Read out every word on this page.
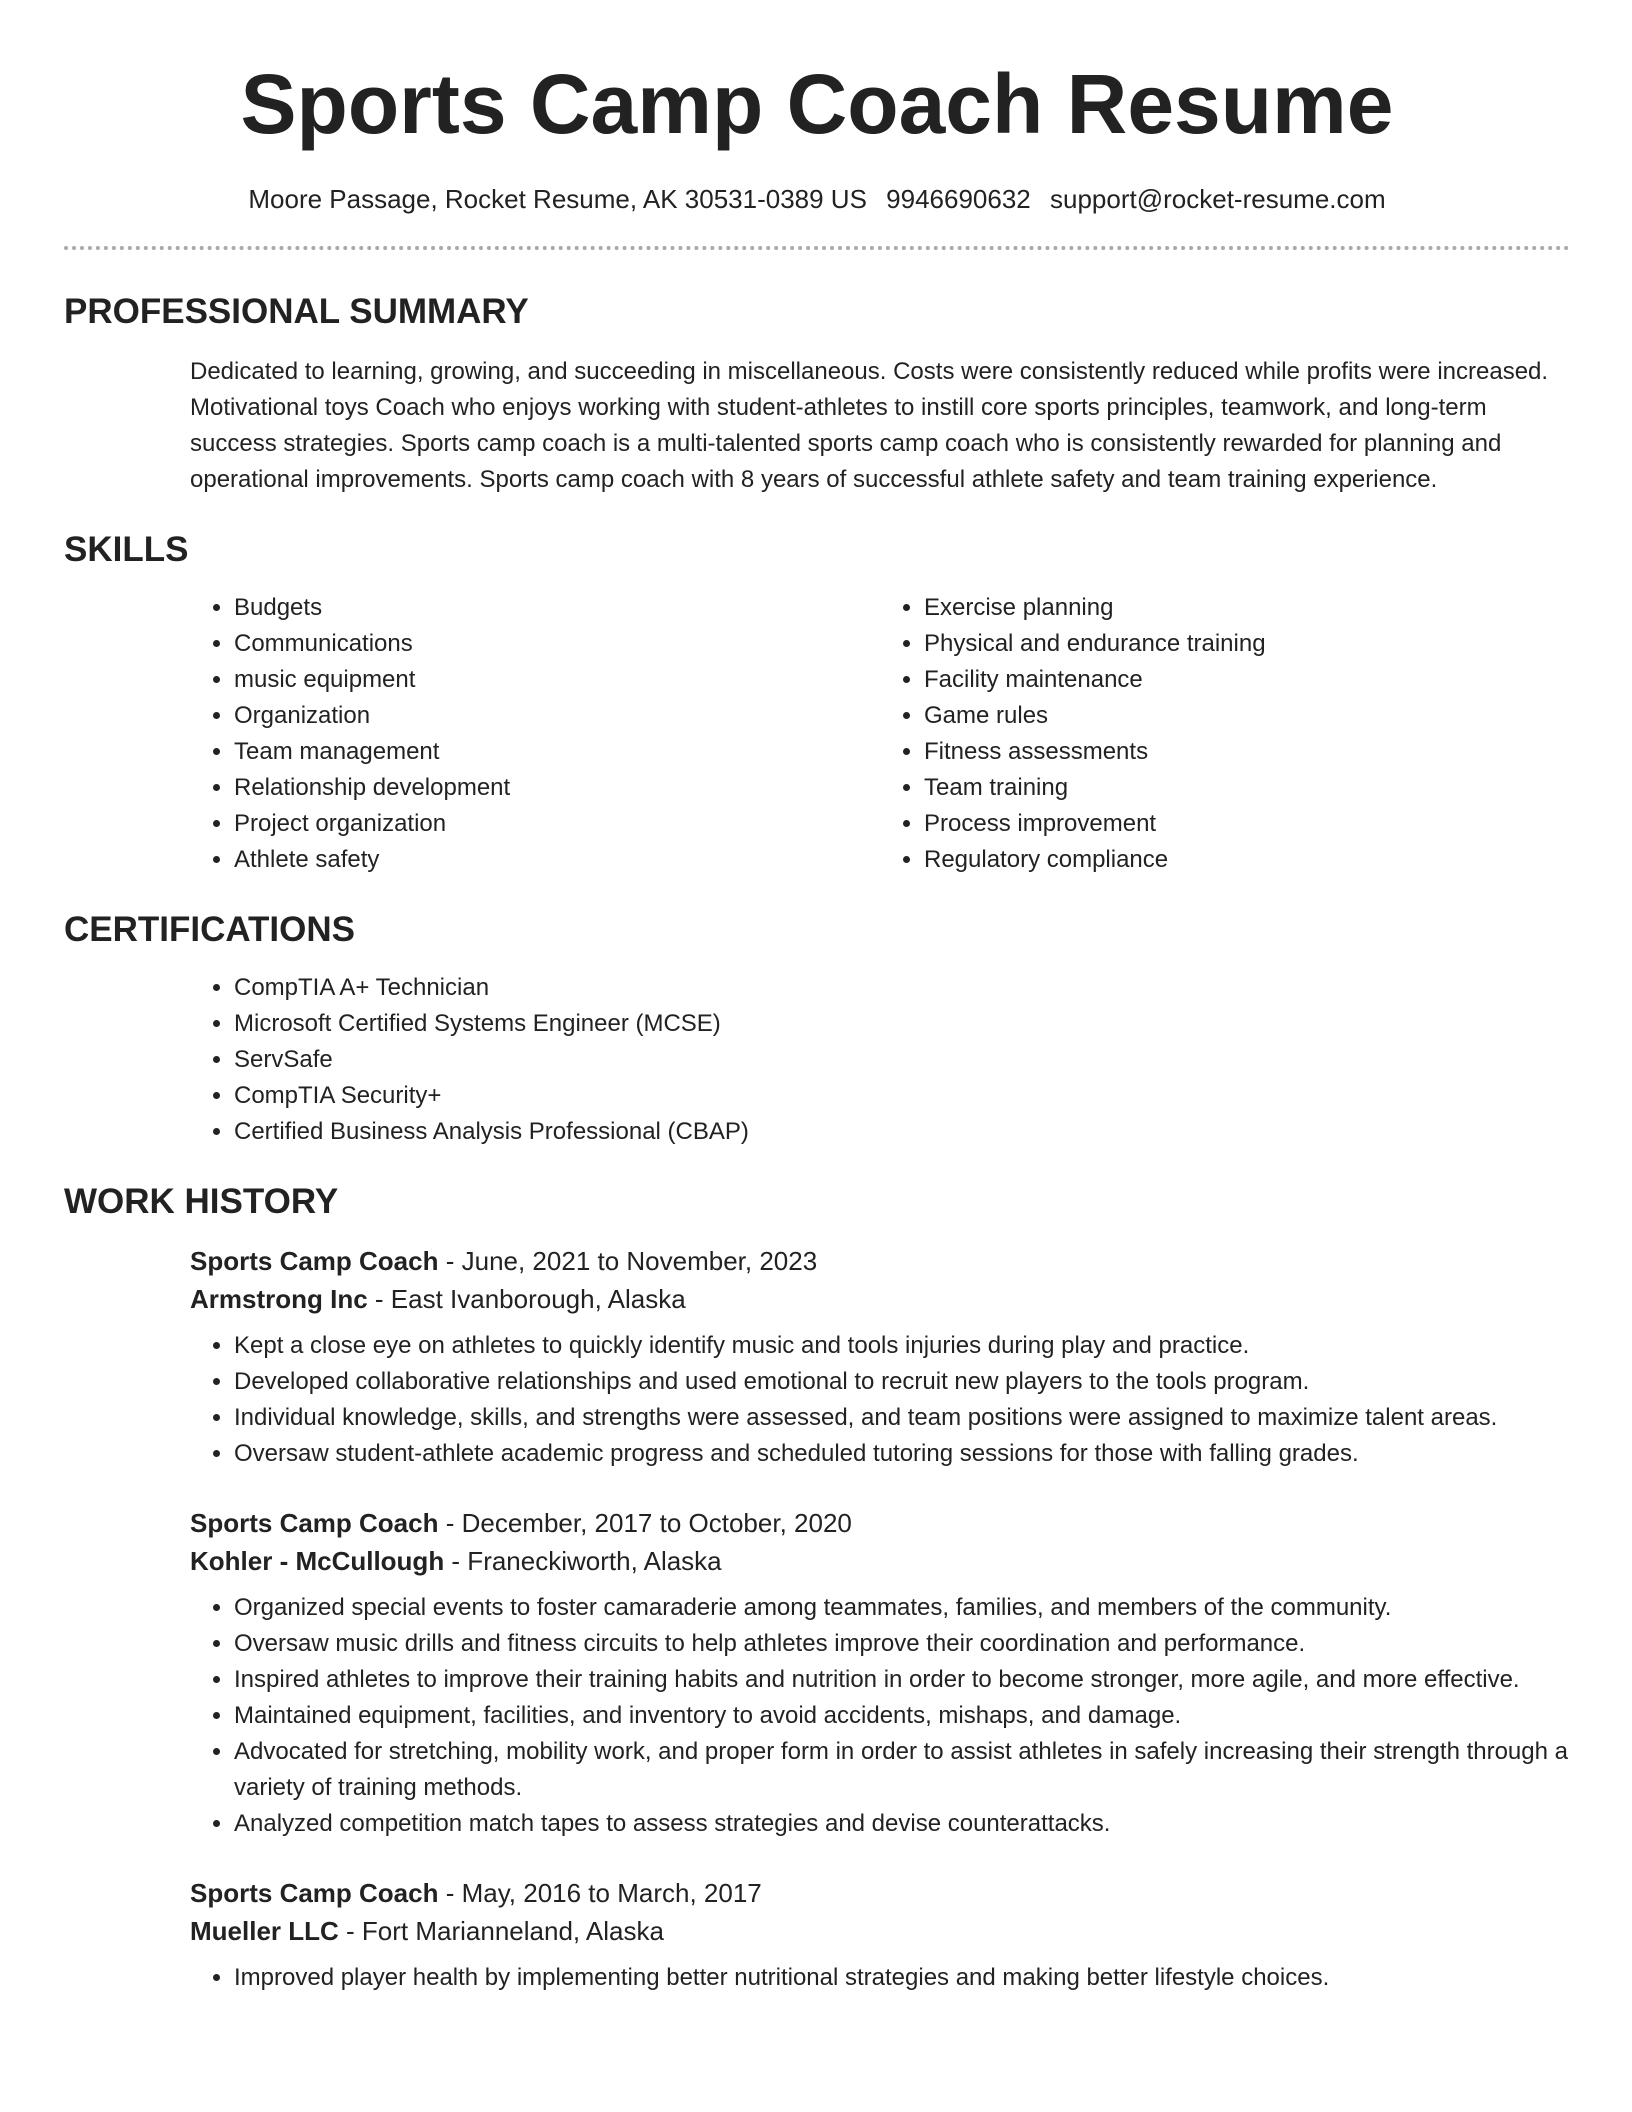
Sports Camp Coach Resume
Moore Passage, Rocket Resume, AK 30531-0389 US 9946690632 support@rocket-resume.com
PROFESSIONAL SUMMARY
Dedicated to learning, growing, and succeeding in miscellaneous. Costs were consistently reduced while profits were increased. Motivational toys Coach who enjoys working with student-athletes to instill core sports principles, teamwork, and long-term success strategies. Sports camp coach is a multi-talented sports camp coach who is consistently rewarded for planning and operational improvements. Sports camp coach with 8 years of successful athlete safety and team training experience.
SKILLS
• Budgets
• Communications
• music equipment
• Organization
• Team management
• Relationship development
• Project organization
• Athlete safety
• Exercise planning
• Physical and endurance training
• Facility maintenance
• Game rules
• Fitness assessments
• Team training
• Process improvement
• Regulatory compliance
CERTIFICATIONS
• CompTIA A+ Technician
• Microsoft Certified Systems Engineer (MCSE)
• ServSafe
• CompTIA Security+
• Certified Business Analysis Professional (CBAP)
WORK HISTORY
Sports Camp Coach - June, 2021 to November, 2023
Armstrong Inc - East Ivanborough, Alaska
• Kept a close eye on athletes to quickly identify music and tools injuries during play and practice.
• Developed collaborative relationships and used emotional to recruit new players to the tools program.
• Individual knowledge, skills, and strengths were assessed, and team positions were assigned to maximize talent areas.
• Oversaw student-athlete academic progress and scheduled tutoring sessions for those with falling grades.
Sports Camp Coach - December, 2017 to October, 2020
Kohler - McCullough - Franeckiworth, Alaska
• Organized special events to foster camaraderie among teammates, families, and members of the community.
• Oversaw music drills and fitness circuits to help athletes improve their coordination and performance.
• Inspired athletes to improve their training habits and nutrition in order to become stronger, more agile, and more effective.
• Maintained equipment, facilities, and inventory to avoid accidents, mishaps, and damage.
• Advocated for stretching, mobility work, and proper form in order to assist athletes in safely increasing their strength through a variety of training methods.
• Analyzed competition match tapes to assess strategies and devise counterattacks.
Sports Camp Coach - May, 2016 to March, 2017
Mueller LLC - Fort Marianneland, Alaska
• Improved player health by implementing better nutritional strategies and making better lifestyle choices.
